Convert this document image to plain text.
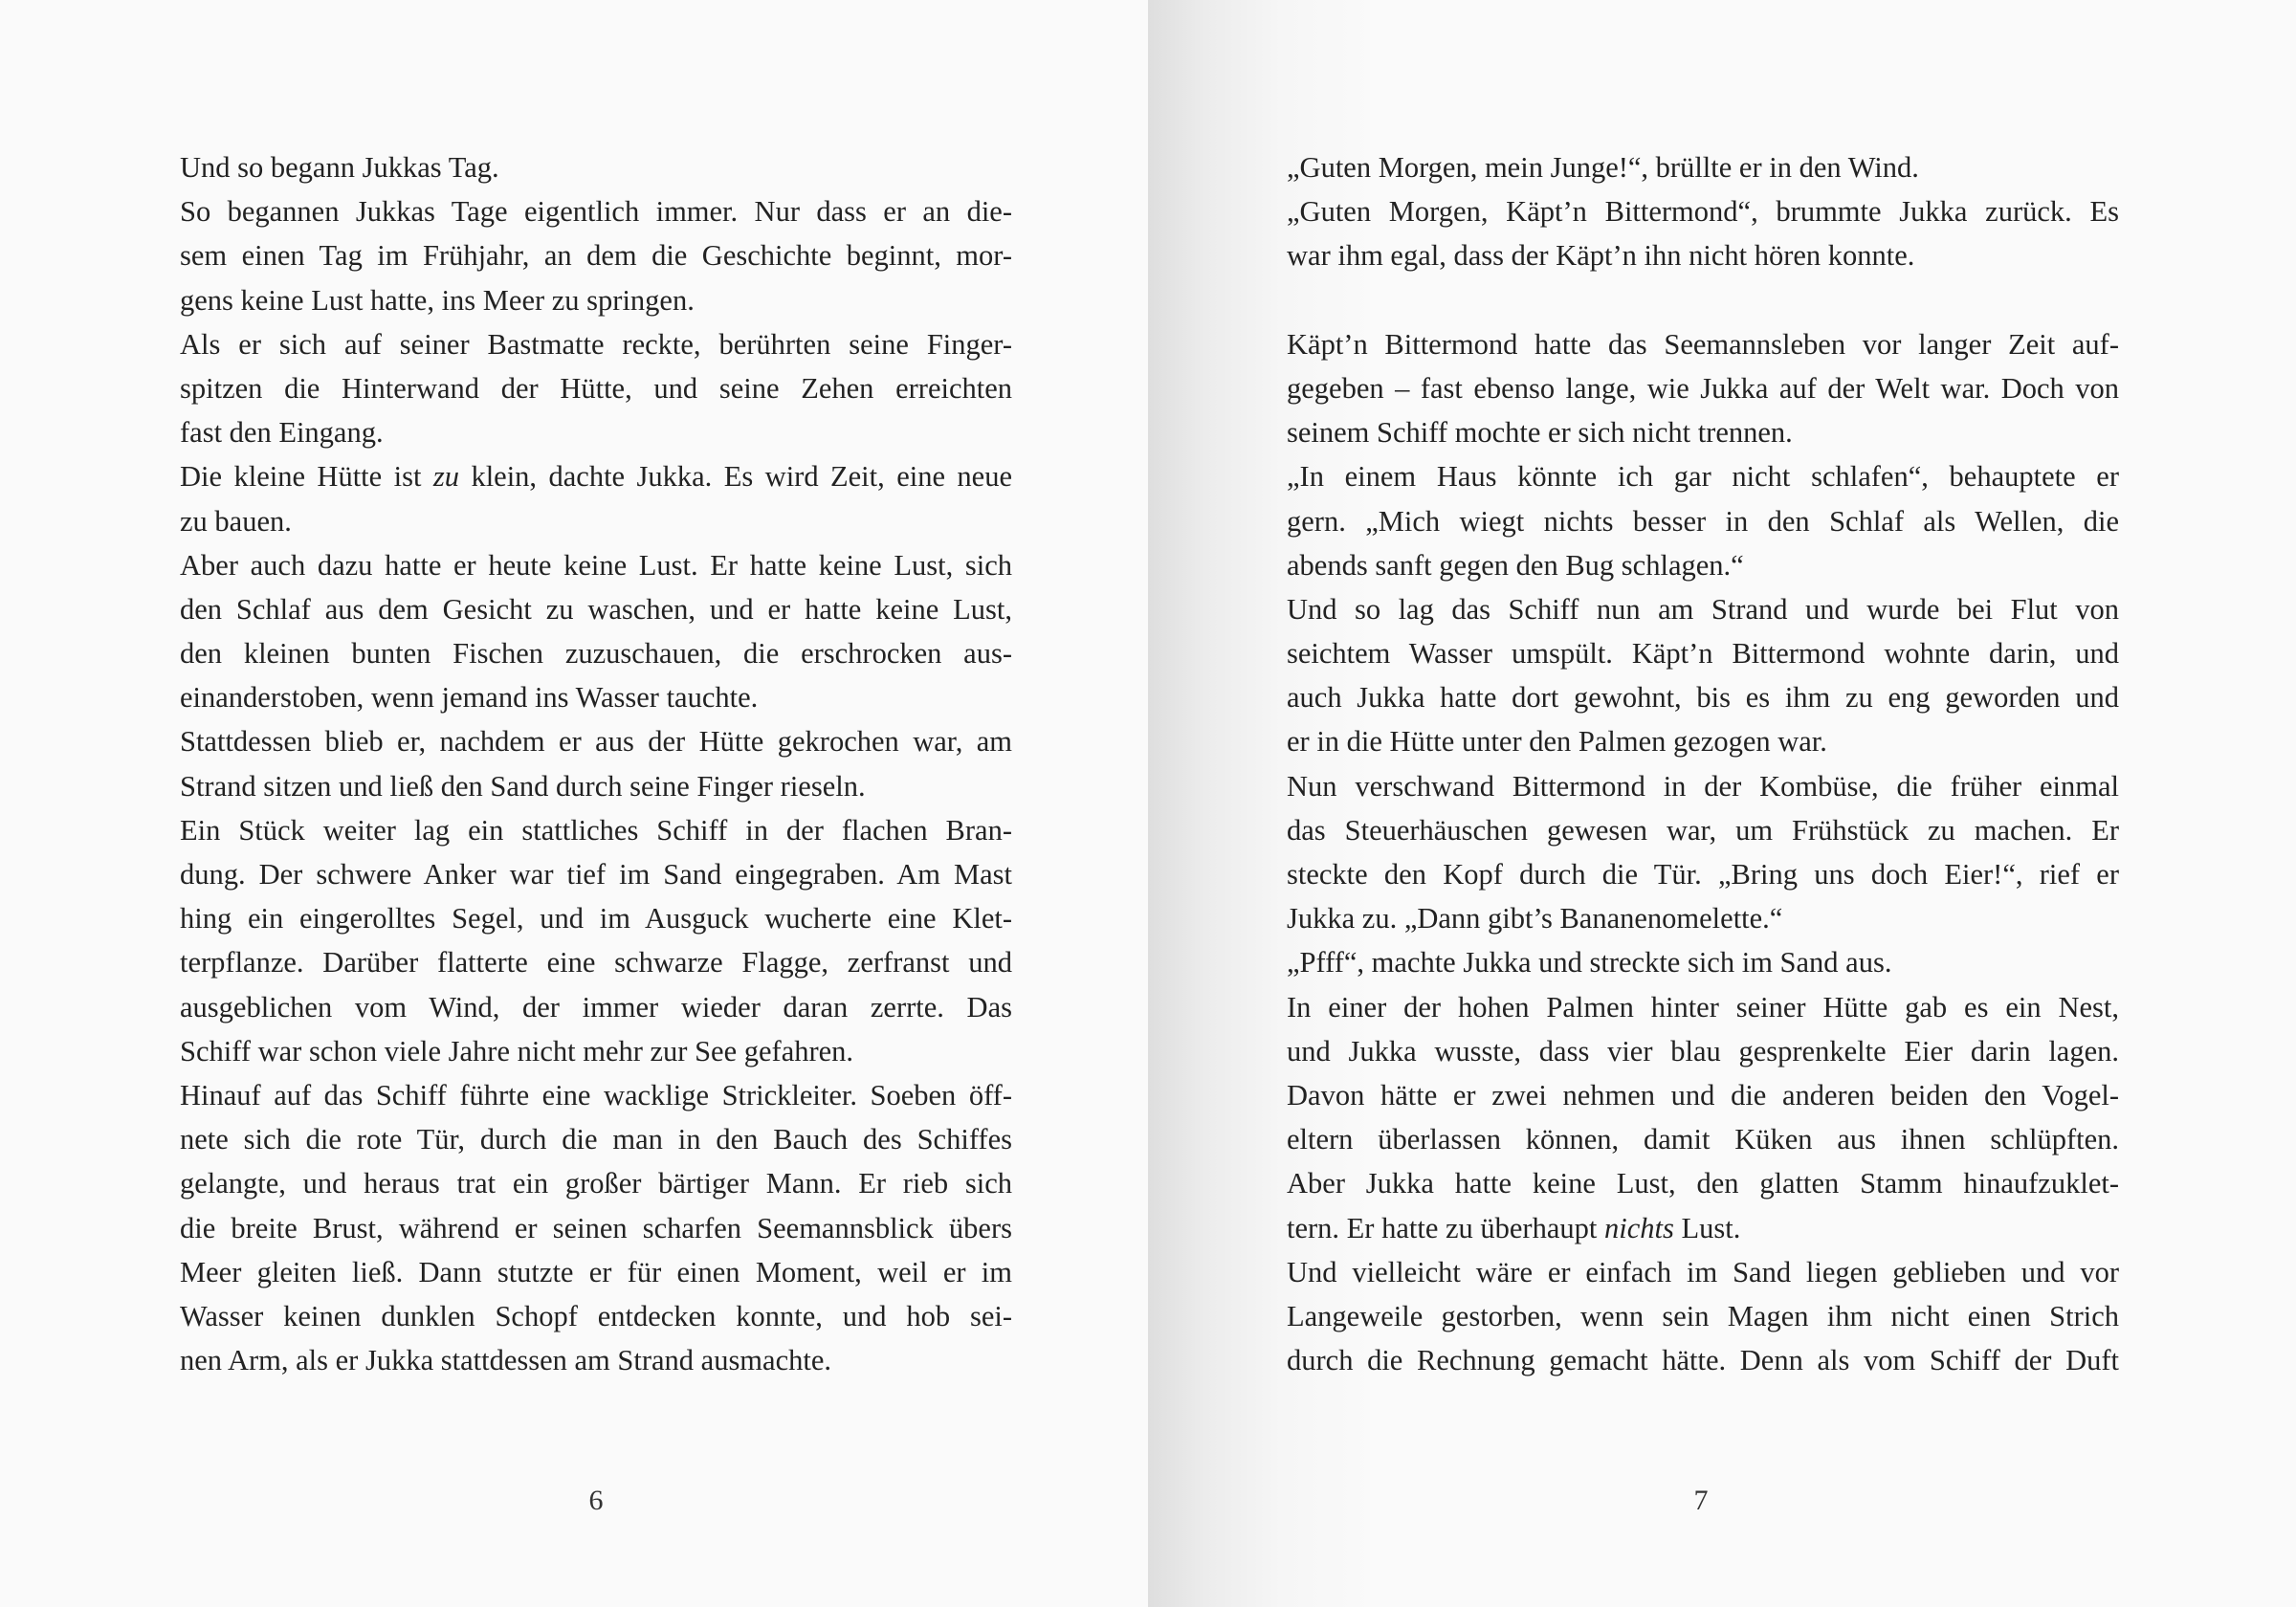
Und so begann Jukkas Tag.
So begannen Jukkas Tage eigentlich immer. Nur dass er an die-
sem einen Tag im Frühjahr, an dem die Geschichte beginnt, mor-
gens keine Lust hatte, ins Meer zu springen.
Als er sich auf seiner Bastmatte reckte, berührten seine Finger-
spitzen die Hinterwand der Hütte, und seine Zehen erreichten
fast den Eingang.
Die kleine Hütte ist zu klein, dachte Jukka. Es wird Zeit, eine neue
zu bauen.
Aber auch dazu hatte er heute keine Lust. Er hatte keine Lust, sich
den Schlaf aus dem Gesicht zu waschen, und er hatte keine Lust,
den kleinen bunten Fischen zuzuschauen, die erschrocken aus-
einanderstoben, wenn jemand ins Wasser tauchte.
Stattdessen blieb er, nachdem er aus der Hütte gekrochen war, am
Strand sitzen und ließ den Sand durch seine Finger rieseln.
Ein Stück weiter lag ein stattliches Schiff in der flachen Bran-
dung. Der schwere Anker war tief im Sand eingegraben. Am Mast
hing ein eingerolltes Segel, und im Ausguck wucherte eine Klet-
terpflanze. Darüber flatterte eine schwarze Flagge, zerfranst und
ausgeblichen vom Wind, der immer wieder daran zerrte. Das
Schiff war schon viele Jahre nicht mehr zur See gefahren.
Hinauf auf das Schiff führte eine wacklige Strickleiter. Soeben öff-
nete sich die rote Tür, durch die man in den Bauch des Schiffes
gelangte, und heraus trat ein großer bärtiger Mann. Er rieb sich
die breite Brust, während er seinen scharfen Seemannsblick übers
Meer gleiten ließ. Dann stutzte er für einen Moment, weil er im
Wasser keinen dunklen Schopf entdecken konnte, und hob sei-
nen Arm, als er Jukka stattdessen am Strand ausmachte.
6
„Guten Morgen, mein Junge!“, brüllte er in den Wind.
„Guten Morgen, Käpt’n Bittermond“, brummte Jukka zurück. Es
war ihm egal, dass der Käpt’n ihn nicht hören konnte.
Käpt’n Bittermond hatte das Seemannsleben vor langer Zeit auf-
gegeben – fast ebenso lange, wie Jukka auf der Welt war. Doch von
seinem Schiff mochte er sich nicht trennen.
„In einem Haus könnte ich gar nicht schlafen“, behauptete er
gern. „Mich wiegt nichts besser in den Schlaf als Wellen, die
abends sanft gegen den Bug schlagen.“
Und so lag das Schiff nun am Strand und wurde bei Flut von
seichtem Wasser umspült. Käpt’n Bittermond wohnte darin, und
auch Jukka hatte dort gewohnt, bis es ihm zu eng geworden und
er in die Hütte unter den Palmen gezogen war.
Nun verschwand Bittermond in der Kombüse, die früher einmal
das Steuerhäuschen gewesen war, um Frühstück zu machen. Er
steckte den Kopf durch die Tür. „Bring uns doch Eier!“, rief er
Jukka zu. „Dann gibt’s Bananenomelette.“
„Pfff“, machte Jukka und streckte sich im Sand aus.
In einer der hohen Palmen hinter seiner Hütte gab es ein Nest,
und Jukka wusste, dass vier blau gesprenkelte Eier darin lagen.
Davon hätte er zwei nehmen und die anderen beiden den Vogel-
eltern überlassen können, damit Küken aus ihnen schlüpften.
Aber Jukka hatte keine Lust, den glatten Stamm hinaufzuklet-
tern. Er hatte zu überhaupt nichts Lust.
Und vielleicht wäre er einfach im Sand liegen geblieben und vor
Langeweile gestorben, wenn sein Magen ihm nicht einen Strich
durch die Rechnung gemacht hätte. Denn als vom Schiff der Duft
7
